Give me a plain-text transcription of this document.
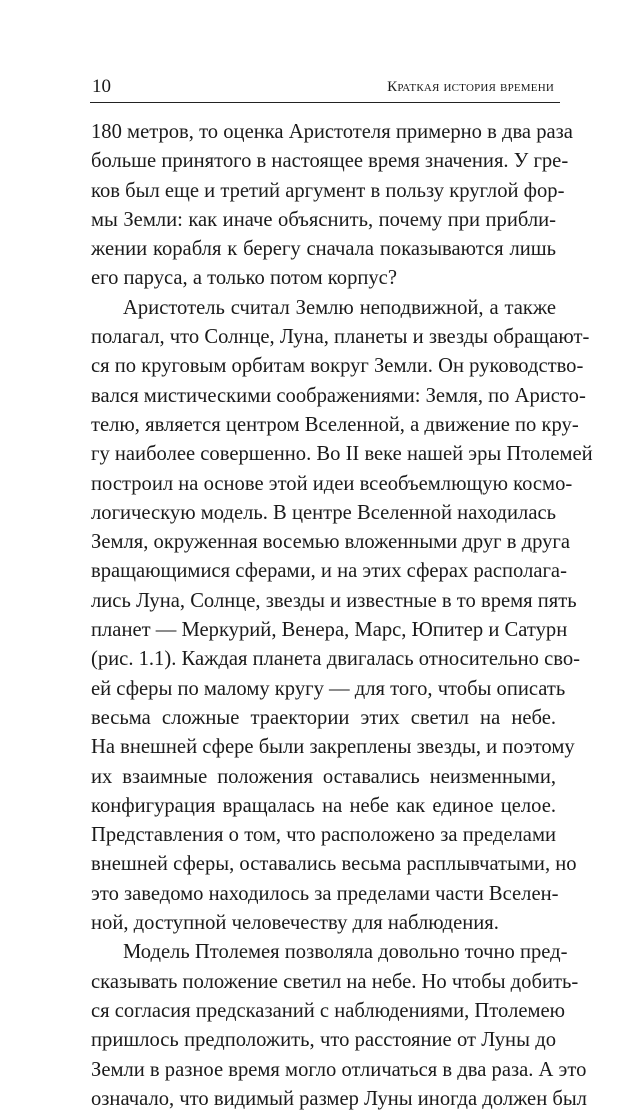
10	Краткая история времени
180 метров, то оценка Аристотеля примерно в два раза
больше принятого в настоящее время значения. У гре-
ков был еще и третий аргумент в пользу круглой фор-
мы Земли: как иначе объяснить, почему при прибли-
жении корабля к берегу сначала показываются лишь
его паруса, а только потом корпус?
Аристотель считал Землю неподвижной, а также
полагал, что Солнце, Луна, планеты и звезды обращают-
ся по круговым орбитам вокруг Земли. Он руководство-
вался мистическими соображениями: Земля, по Аристо-
телю, является центром Вселенной, а движение по кру-
гу наиболее совершенно. Во II веке нашей эры Птолемей
построил на основе этой идеи всеобъемлющую космо-
логическую модель. В центре Вселенной находилась
Земля, окруженная восемью вложенными друг в друга
вращающимися сферами, и на этих сферах располага-
лись Луна, Солнце, звезды и известные в то время пять
планет — Меркурий, Венера, Марс, Юпитер и Сатурн
(рис. 1.1). Каждая планета двигалась относительно сво-
ей сферы по малому кругу — для того, чтобы описать
весьма сложные траектории этих светил на небе.
На внешней сфере были закреплены звезды, и поэтому
их взаимные положения оставались неизменными,
конфигурация вращалась на небе как единое целое.
Представления о том, что расположено за пределами
внешней сферы, оставались весьма расплывчатыми, но
это заведомо находилось за пределами части Вселен-
ной, доступной человечеству для наблюдения.
Модель Птолемея позволяла довольно точно пред-
сказывать положение светил на небе. Но чтобы добить-
ся согласия предсказаний с наблюдениями, Птолемею
пришлось предположить, что расстояние от Луны до
Земли в разное время могло отличаться в два раза. А это
означало, что видимый размер Луны иногда должен был
